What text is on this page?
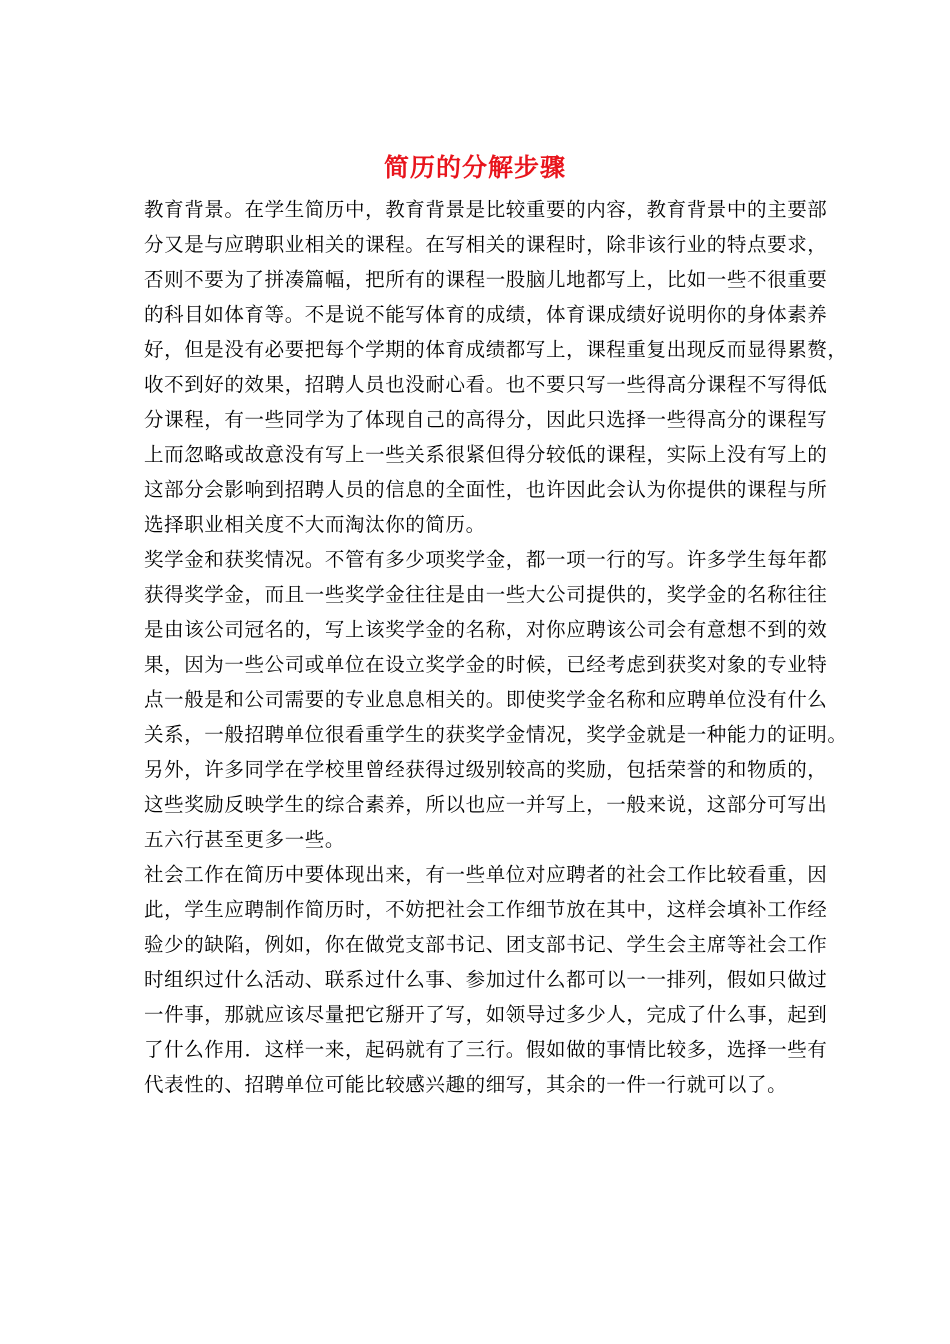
简历的分解步骤
教育背景。在学生简历中，教育背景是比较重要的内容，教育背景中的主要部
分又是与应聘职业相关的课程。在写相关的课程时，除非该行业的特点要求，
否则不要为了拼凑篇幅，把所有的课程一股脑儿地都写上，比如一些不很重要
的科目如体育等。不是说不能写体育的成绩，体育课成绩好说明你的身体素养
好，但是没有必要把每个学期的体育成绩都写上，课程重复出现反而显得累赘，
收不到好的效果，招聘人员也没耐心看。也不要只写一些得高分课程不写得低
分课程，有一些同学为了体现自己的高得分，因此只选择一些得高分的课程写
上而忽略或故意没有写上一些关系很紧但得分较低的课程，实际上没有写上的
这部分会影响到招聘人员的信息的全面性，也许因此会认为你提供的课程与所
选择职业相关度不大而淘汰你的简历。
奖学金和获奖情况。不管有多少项奖学金，都一项一行的写。许多学生每年都
获得奖学金，而且一些奖学金往往是由一些大公司提供的，奖学金的名称往往
是由该公司冠名的，写上该奖学金的名称，对你应聘该公司会有意想不到的效
果，因为一些公司或单位在设立奖学金的时候，已经考虑到获奖对象的专业特
点一般是和公司需要的专业息息相关的。即使奖学金名称和应聘单位没有什么
关系，一般招聘单位很看重学生的获奖学金情况，奖学金就是一种能力的证明。
另外，许多同学在学校里曾经获得过级别较高的奖励，包括荣誉的和物质的，
这些奖励反映学生的综合素养，所以也应一并写上，一般来说，这部分可写出
五六行甚至更多一些。
社会工作在简历中要体现出来，有一些单位对应聘者的社会工作比较看重，因
此，学生应聘制作简历时，不妨把社会工作细节放在其中，这样会填补工作经
验少的缺陷，例如，你在做党支部书记、团支部书记、学生会主席等社会工作
时组织过什么活动、联系过什么事、参加过什么都可以一一排列，假如只做过
一件事，那就应该尽量把它掰开了写，如领导过多少人，完成了什么事，起到
了什么作用．这样一来，起码就有了三行。假如做的事情比较多，选择一些有
代表性的、招聘单位可能比较感兴趣的细写，其余的一件一行就可以了。
